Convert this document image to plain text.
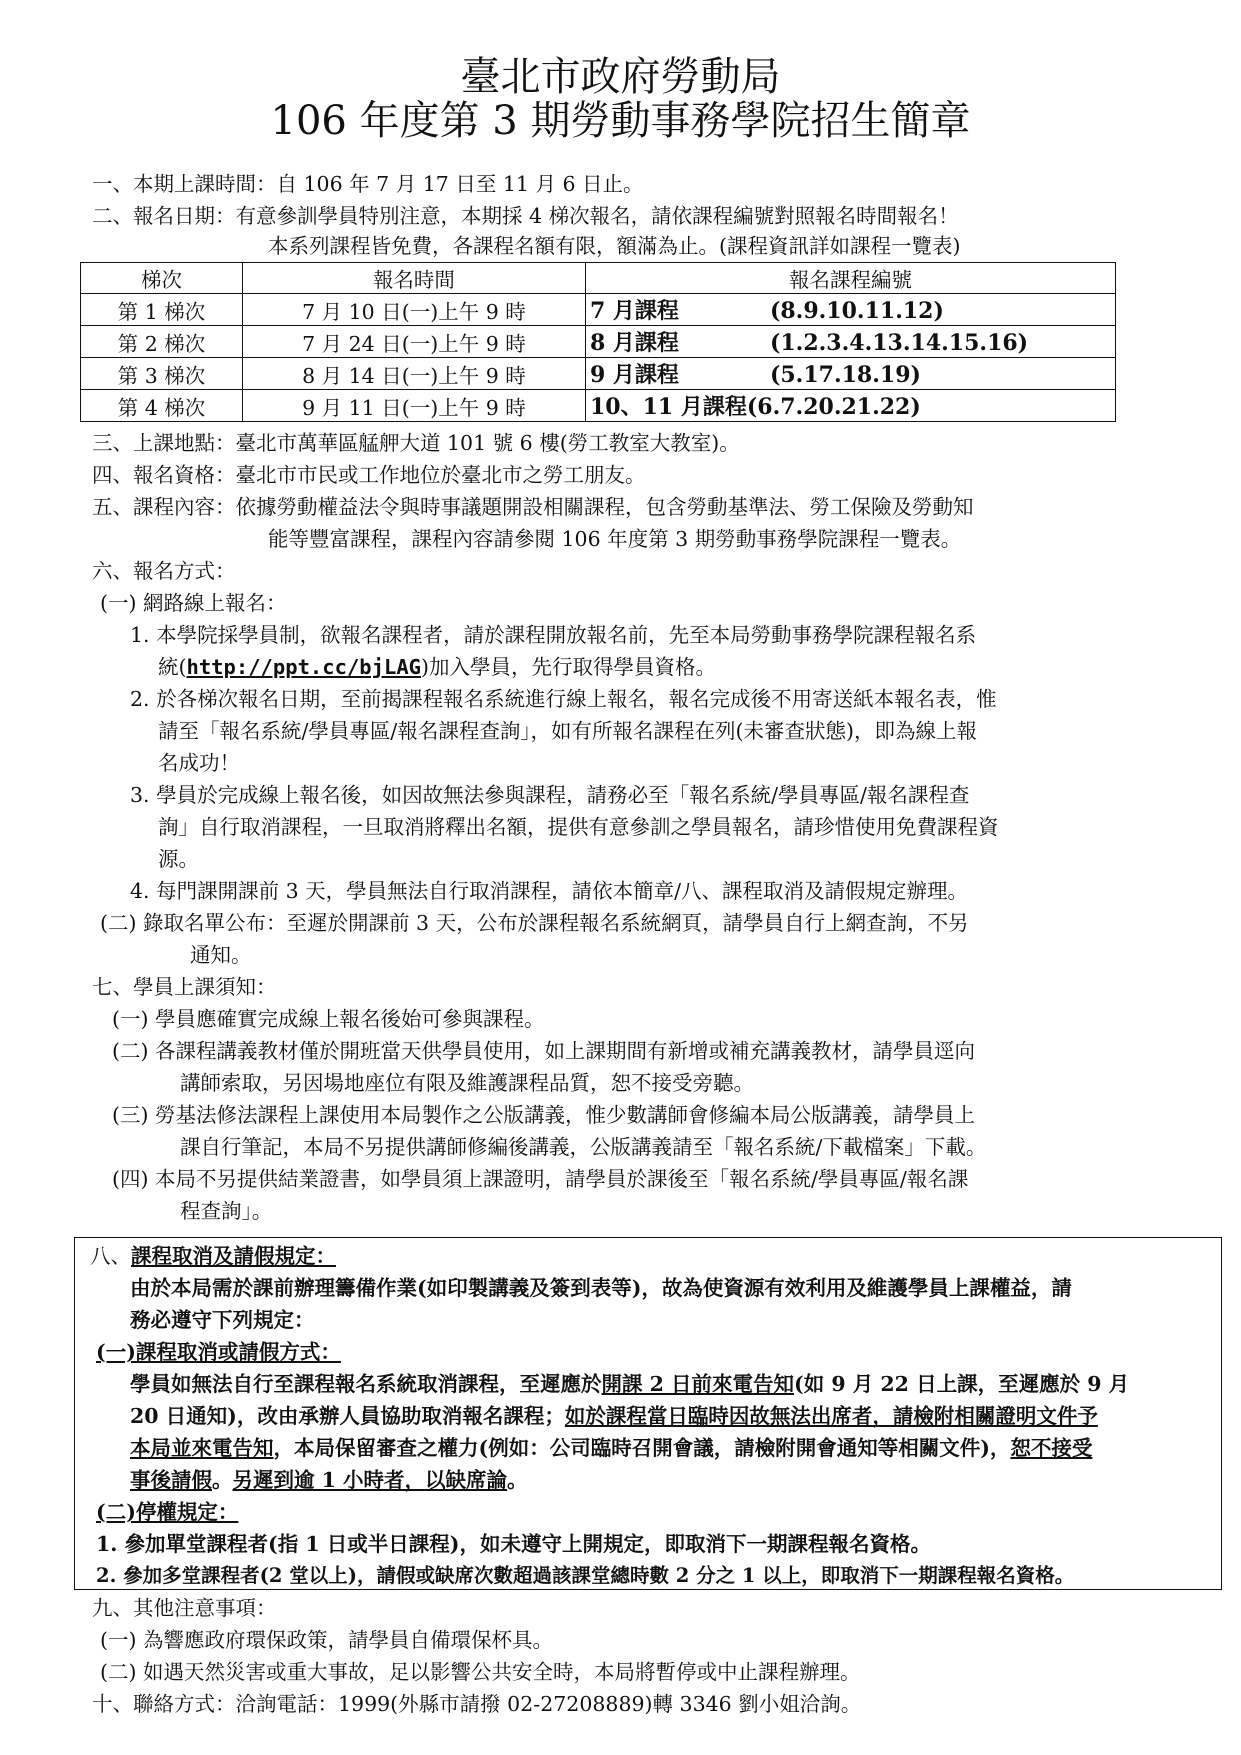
臺北市政府勞動局
106 年度第 3 期勞動事務學院招生簡章
一、本期上課時間：自 106 年 7 月 17 日至 11 月 6 日止。
二、報名日期：有意參訓學員特別注意，本期採 4 梯次報名，請依課程編號對照報名時間報名！
本系列課程皆免費，各課程名額有限，額滿為止。(課程資訊詳如課程一覽表)
梯次	報名時間	報名課程編號
第 1 梯次	7 月 10 日(一)上午 9 時	7 月課程 (8.9.10.11.12)
第 2 梯次	7 月 24 日(一)上午 9 時	8 月課程 (1.2.3.4.13.14.15.16)
第 3 梯次	8 月 14 日(一)上午 9 時	9 月課程 (5.17.18.19)
第 4 梯次	9 月 11 日(一)上午 9 時	10、11 月課程(6.7.20.21.22)
三、上課地點：臺北市萬華區艋舺大道 101 號 6 樓(勞工教室大教室)。
四、報名資格：臺北市市民或工作地位於臺北市之勞工朋友。
五、課程內容：依據勞動權益法令與時事議題開設相關課程，包含勞動基準法、勞工保險及勞動知
能等豐富課程，課程內容請參閱 106 年度第 3 期勞動事務學院課程一覽表。
六、報名方式：
(一) 網路線上報名：
1. 本學院採學員制，欲報名課程者，請於課程開放報名前，先至本局勞動事務學院課程報名系
統(http://ppt.cc/bjLAG)加入學員，先行取得學員資格。
2. 於各梯次報名日期，至前揭課程報名系統進行線上報名，報名完成後不用寄送紙本報名表，惟
請至「報名系統/學員專區/報名課程查詢」，如有所報名課程在列(未審查狀態)，即為線上報
名成功！
3. 學員於完成線上報名後，如因故無法參與課程，請務必至「報名系統/學員專區/報名課程查
詢」自行取消課程，一旦取消將釋出名額，提供有意參訓之學員報名，請珍惜使用免費課程資
源。
4. 每門課開課前 3 天，學員無法自行取消課程，請依本簡章/八、課程取消及請假規定辦理。
(二) 錄取名單公布：至遲於開課前 3 天，公布於課程報名系統網頁，請學員自行上網查詢，不另
通知。
七、學員上課須知：
(一) 學員應確實完成線上報名後始可參與課程。
(二) 各課程講義教材僅於開班當天供學員使用，如上課期間有新增或補充講義教材，請學員逕向
講師索取，另因場地座位有限及維護課程品質，恕不接受旁聽。
(三) 勞基法修法課程上課使用本局製作之公版講義，惟少數講師會修編本局公版講義，請學員上
課自行筆記，本局不另提供講師修編後講義，公版講義請至「報名系統/下載檔案」下載。
(四) 本局不另提供結業證書，如學員須上課證明，請學員於課後至「報名系統/學員專區/報名課
程查詢」。
八、課程取消及請假規定：
由於本局需於課前辦理籌備作業(如印製講義及簽到表等)，故為使資源有效利用及維護學員上課權益，請
務必遵守下列規定：
(一)課程取消或請假方式：
學員如無法自行至課程報名系統取消課程，至遲應於開課 2 日前來電告知(如 9 月 22 日上課，至遲應於 9 月
20 日通知)，改由承辦人員協助取消報名課程；如於課程當日臨時因故無法出席者，請檢附相關證明文件予
本局並來電告知，本局保留審查之權力(例如：公司臨時召開會議，請檢附開會通知等相關文件)，恕不接受
事後請假。另遲到逾 1 小時者，以缺席論。
(二)停權規定：
1. 參加單堂課程者(指 1 日或半日課程)，如未遵守上開規定，即取消下一期課程報名資格。
2. 參加多堂課程者(2 堂以上)，請假或缺席次數超過該課堂總時數 2 分之 1 以上，即取消下一期課程報名資格。
九、其他注意事項：
(一) 為響應政府環保政策，請學員自備環保杯具。
(二) 如遇天然災害或重大事故，足以影響公共安全時，本局將暫停或中止課程辦理。
十、聯絡方式：洽詢電話：1999(外縣市請撥 02-27208889)轉 3346 劉小姐洽詢。
